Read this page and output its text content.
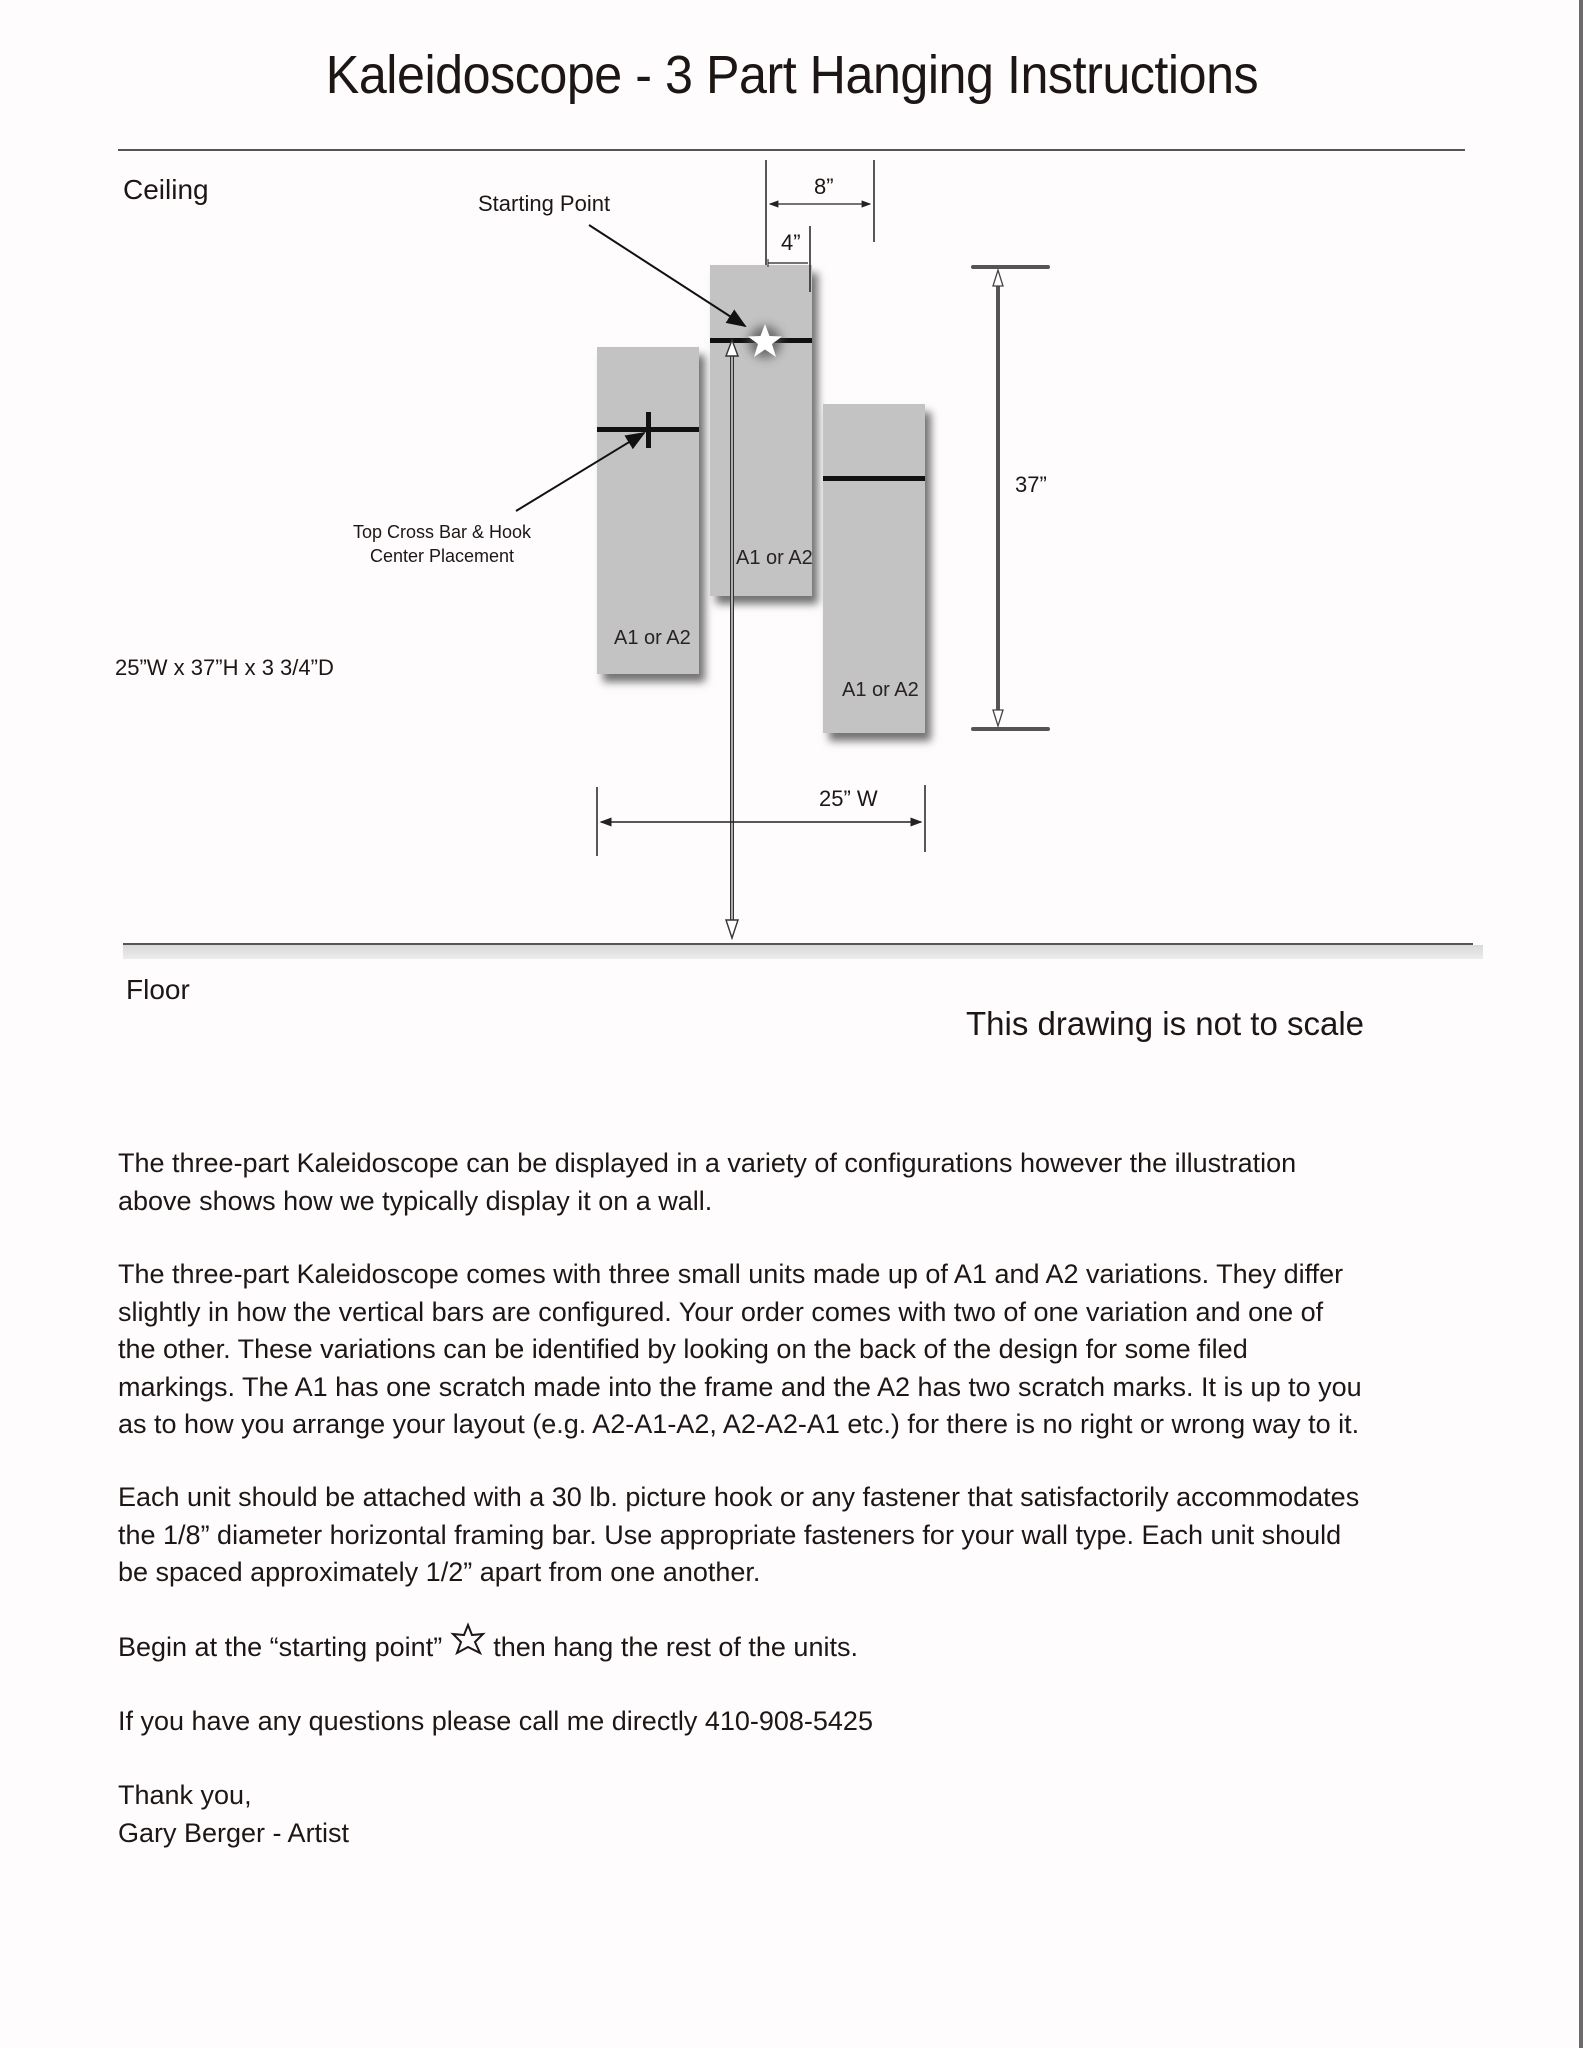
Kaleidoscope - 3 Part Hanging Instructions
Ceiling	Starting Point
Top Cross Bar & Hook
Center Placement
25”W x 37”H x 3 3/4”D
A1 or A2
A1 or A2
A1 or A2
8”
4”
37”
25” W
Floor
This drawing is not to scale

The three-part Kaleidoscope can be displayed in a variety of configurations however the illustration

above shows how we typically display it on a wall.

The three-part Kaleidoscope comes with three small units made up of A1 and A2 variations. They differ

slightly in how the vertical bars are configured. Your order comes with two of one variation and one of

the other. These variations can be identified by looking on the back of the design for some filed

markings. The A1 has one scratch made into the frame and the A2 has two scratch marks. It is up to you

as to how you arrange your layout (e.g. A2-A1-A2, A2-A2-A1 etc.) for there is no right or wrong way to it.

Each unit should be attached with a 30 lb. picture hook or any fastener that satisfactorily accommodates

the 1/8” diameter horizontal framing bar. Use appropriate fasteners for your wall type. Each unit should

be spaced approximately 1/2” apart from one another.

Begin at the “starting point”
then hang the rest of the units.
If you have any questions please call me directly 410-908-5425

Thank you,

Gary Berger - Artist
